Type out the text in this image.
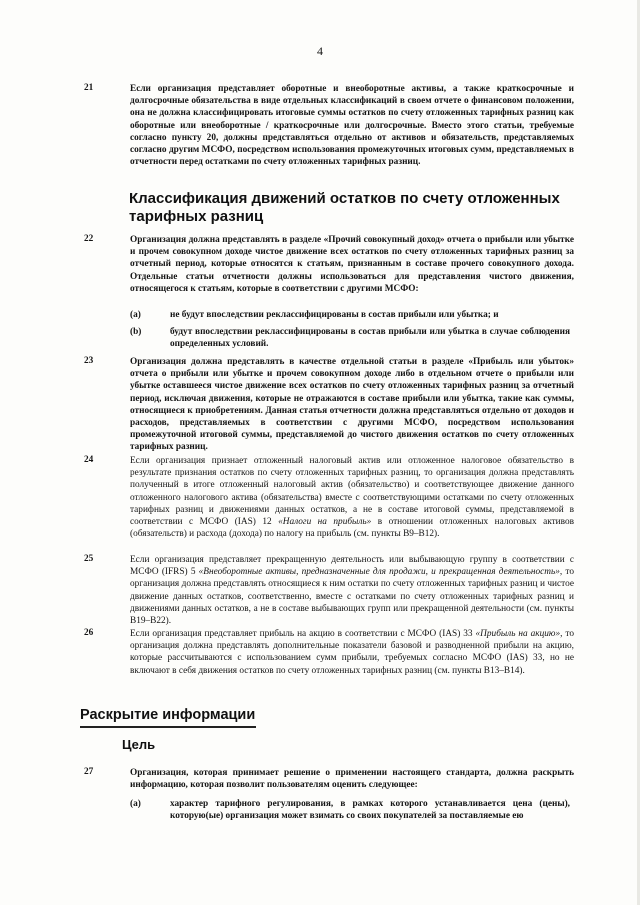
4
21	Если организация представляет оборотные и внеоборотные активы, а также краткосрочные и долгосрочные обязательства в виде отдельных классификаций в своем отчете о финансовом положении, она не должна классифицировать итоговые суммы остатков по счету отложенных тарифных разниц как оборотные или внеоборотные / краткосрочные или долгосрочные. Вместо этого статьи, требуемые согласно пункту 20, должны представляться отдельно от активов и обязательств, представляемых согласно другим МСФО, посредством использования промежуточных итоговых сумм, представляемых в отчетности перед остатками по счету отложенных тарифных разниц.
Классификация движений остатков по счету отложенных тарифных разниц
22	Организация должна представлять в разделе «Прочий совокупный доход» отчета о прибыли или убытке и прочем совокупном доходе чистое движение всех остатков по счету отложенных тарифных разниц за отчетный период, которые относятся к статьям, признанным в составе прочего совокупного дохода. Отдельные статьи отчетности должны использоваться для представления чистого движения, относящегося к статьям, которые в соответствии с другими МСФО:
(a)	не будут впоследствии реклассифицированы в состав прибыли или убытка; и
(b)	будут впоследствии реклассифицированы в состав прибыли или убытка в случае соблюдения определенных условий.
23	Организация должна представлять в качестве отдельной статьи в разделе «Прибыль или убыток» отчета о прибыли или убытке и прочем совокупном доходе либо в отдельном отчете о прибыли или убытке оставшееся чистое движение всех остатков по счету отложенных тарифных разниц за отчетный период, исключая движения, которые не отражаются в составе прибыли или убытка, такие как суммы, относящиеся к приобретениям. Данная статья отчетности должна представляться отдельно от доходов и расходов, представляемых в соответствии с другими МСФО, посредством использования промежуточной итоговой суммы, представляемой до чистого движения остатков по счету отложенных тарифных разниц.
24	Если организация признает отложенный налоговый актив или отложенное налоговое обязательство в результате признания остатков по счету отложенных тарифных разниц, то организация должна представлять полученный в итоге отложенный налоговый актив (обязательство) и соответствующее движение данного отложенного налогового актива (обязательства) вместе с соответствующими остатками по счету отложенных тарифных разниц и движениями данных остатков, а не в составе итоговой суммы, представляемой в соответствии с МСФО (IAS) 12 «Налоги на прибыль» в отношении отложенных налоговых активов (обязательств) и расхода (дохода) по налогу на прибыль (см. пункты B9–B12).
25	Если организация представляет прекращенную деятельность или выбывающую группу в соответствии с МСФО (IFRS) 5 «Внеоборотные активы, предназначенные для продажи, и прекращенная деятельность», то организация должна представлять относящиеся к ним остатки по счету отложенных тарифных разниц и чистое движение данных остатков, соответственно, вместе с остатками по счету отложенных тарифных разниц и движениями данных остатков, а не в составе выбывающих групп или прекращенной деятельности (см. пункты B19–B22).
26	Если организация представляет прибыль на акцию в соответствии с МСФО (IAS) 33 «Прибыль на акцию», то организация должна представлять дополнительные показатели базовой и разводненной прибыли на акцию, которые рассчитываются с использованием сумм прибыли, требуемых согласно МСФО (IAS) 33, но не включают в себя движения остатков по счету отложенных тарифных разниц (см. пункты B13–B14).
Раскрытие информации
Цель
27	Организация, которая принимает решение о применении настоящего стандарта, должна раскрыть информацию, которая позволит пользователям оценить следующее:
(a)	характер тарифного регулирования, в рамках которого устанавливается цена (цены), которую(ые) организация может взимать со своих покупателей за поставляемые ею
